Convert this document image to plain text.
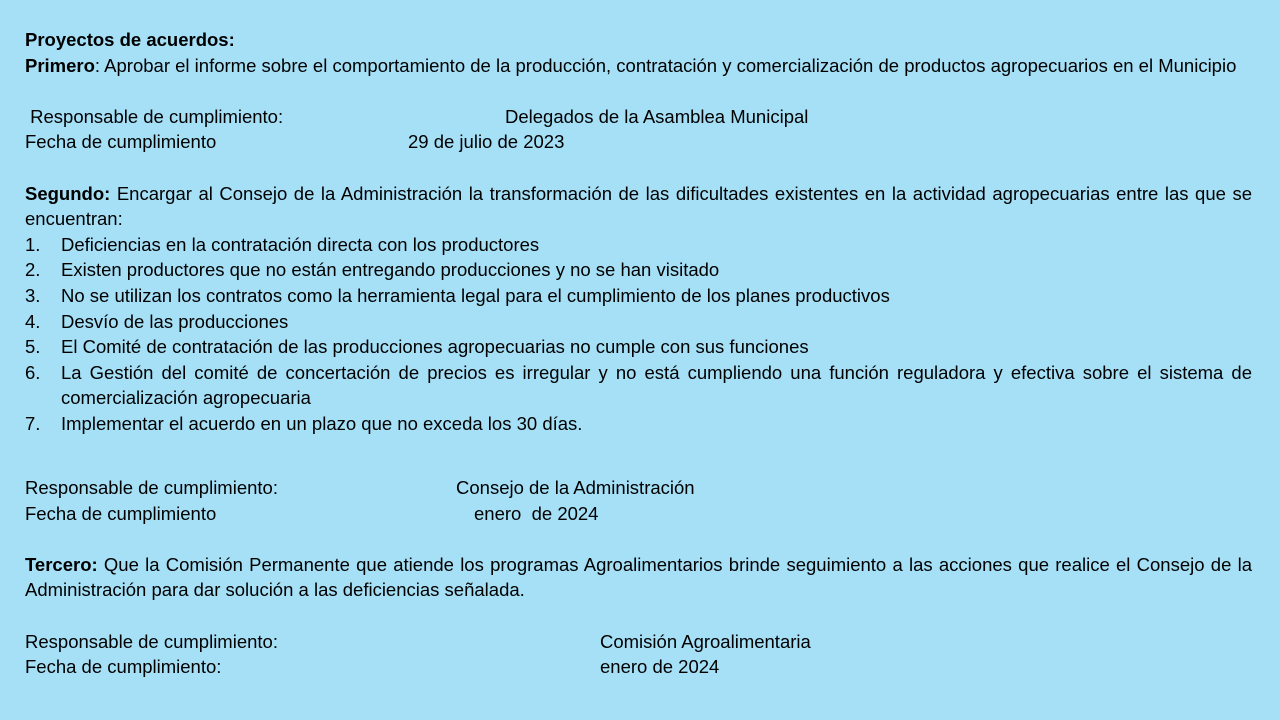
Proyectos de acuerdos:
Primero: Aprobar el informe sobre el comportamiento de la producción, contratación y comercialización de productos agropecuarios en el Municipio
Responsable de cumplimiento:	Delegados de la Asamblea Municipal
Fecha de cumplimiento	29 de julio de 2023
Segundo: Encargar al Consejo de la Administración la transformación de las dificultades existentes en la actividad agropecuarias entre las que se encuentran:
1. Deficiencias en la contratación directa con los productores
2. Existen productores que no están entregando producciones y no se han visitado
3. No se utilizan los contratos como la herramienta legal para el cumplimiento de los planes productivos
4. Desvío de las producciones
5. El Comité de contratación de las producciones agropecuarias no cumple con sus funciones
6. La Gestión del comité de concertación de precios es irregular y no está cumpliendo una función reguladora y efectiva sobre el sistema de comercialización agropecuaria
7. Implementar el acuerdo en un plazo que no exceda los 30 días.
Responsable de cumplimiento:	Consejo de la Administración
Fecha de cumplimiento	enero  de 2024
Tercero: Que la Comisión Permanente que atiende los programas Agroalimentarios brinde seguimiento a las acciones que realice el Consejo de la Administración para dar solución a las deficiencias señalada.
Responsable de cumplimiento:	Comisión Agroalimentaria
Fecha de cumplimiento:	enero de 2024
